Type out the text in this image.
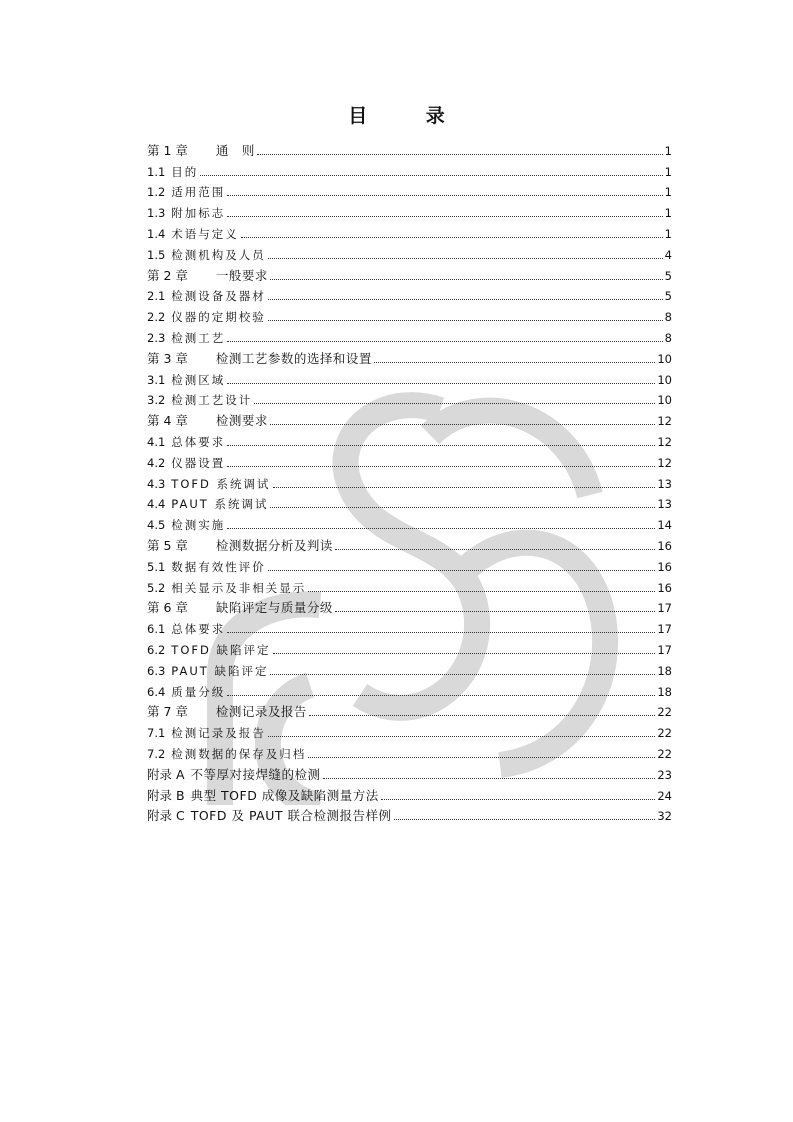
目 录
第 1 章 通　则	1
1.1 目的	1
1.2 适用范围	1
1.3 附加标志	1
1.4 术语与定义	1
1.5 检测机构及人员	4
第 2 章 一般要求	5
2.1 检测设备及器材	5
2.2 仪器的定期校验	8
2.3 检测工艺	8
第 3 章 检测工艺参数的选择和设置	10
3.1 检测区域	10
3.2 检测工艺设计	10
第 4 章 检测要求	12
4.1 总体要求	12
4.2 仪器设置	12
4.3 TOFD 系统调试	13
4.4 PAUT 系统调试	13
4.5 检测实施	14
第 5 章 检测数据分析及判读	16
5.1 数据有效性评价	16
5.2 相关显示及非相关显示	16
第 6 章 缺陷评定与质量分级	17
6.1 总体要求	17
6.2 TOFD 缺陷评定	17
6.3 PAUT 缺陷评定	18
6.4 质量分级	18
第 7 章 检测记录及报告	22
7.1 检测记录及报告	22
7.2 检测数据的保存及归档	22
附录 A 不等厚对接焊缝的检测	23
附录 B 典型 TOFD 成像及缺陷测量方法	24
附录 C TOFD 及 PAUT 联合检测报告样例	32
